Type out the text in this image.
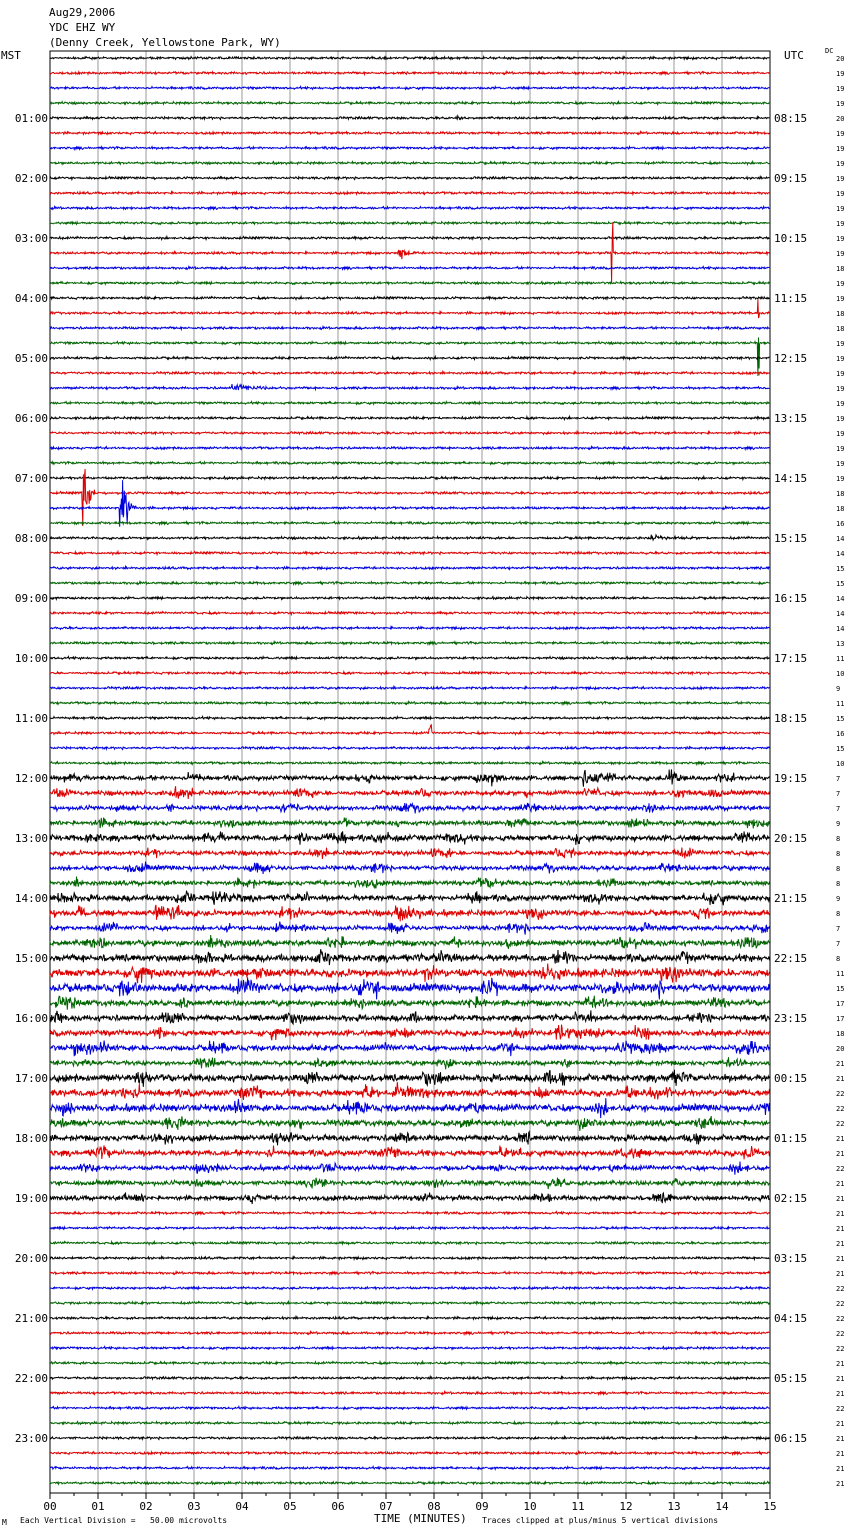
Aug29,2006
YDC EHZ WY
(Denny Creek, Yellowstone Park, WY)
MST	UTC	DC
20
19
19
19
20
19
19
19
19
19
19
19
19
19
18
19
19
18
18
19
19
19
19
19
19
19
19
19
19
18
18
16
14
14
15
15
14
14
14
13
11
10
9
11
15
16
15
10
7
7
7
9
8
8
8
8
9
8
7
7
8
11
15
17
17
18
20
21
21
22
22
22
21
21
22
21
21
21
21
21
21
21
22
22
22
22
22
21
21
21
22
21
21
21
21
21
01:00	08:15
02:00	09:15
03:00	10:15
04:00	11:15
05:00	12:15
06:00	13:15
07:00	14:15
08:00	15:15
09:00	16:15
10:00	17:15
11:00	18:15
12:00	19:15
13:00	20:15
14:00	21:15
15:00	22:15
16:00	23:15
17:00	00:15
18:00	01:15
19:00	02:15
20:00	03:15
21:00	04:15
22:00	05:15
23:00	06:15
00	01	02	03	04	05	06	07	08	09	10	11	12	13	14	15
TIME (MINUTES)
M Each Vertical Division =   50.00 microvolts	Traces clipped at plus/minus 5 vertical divisions
